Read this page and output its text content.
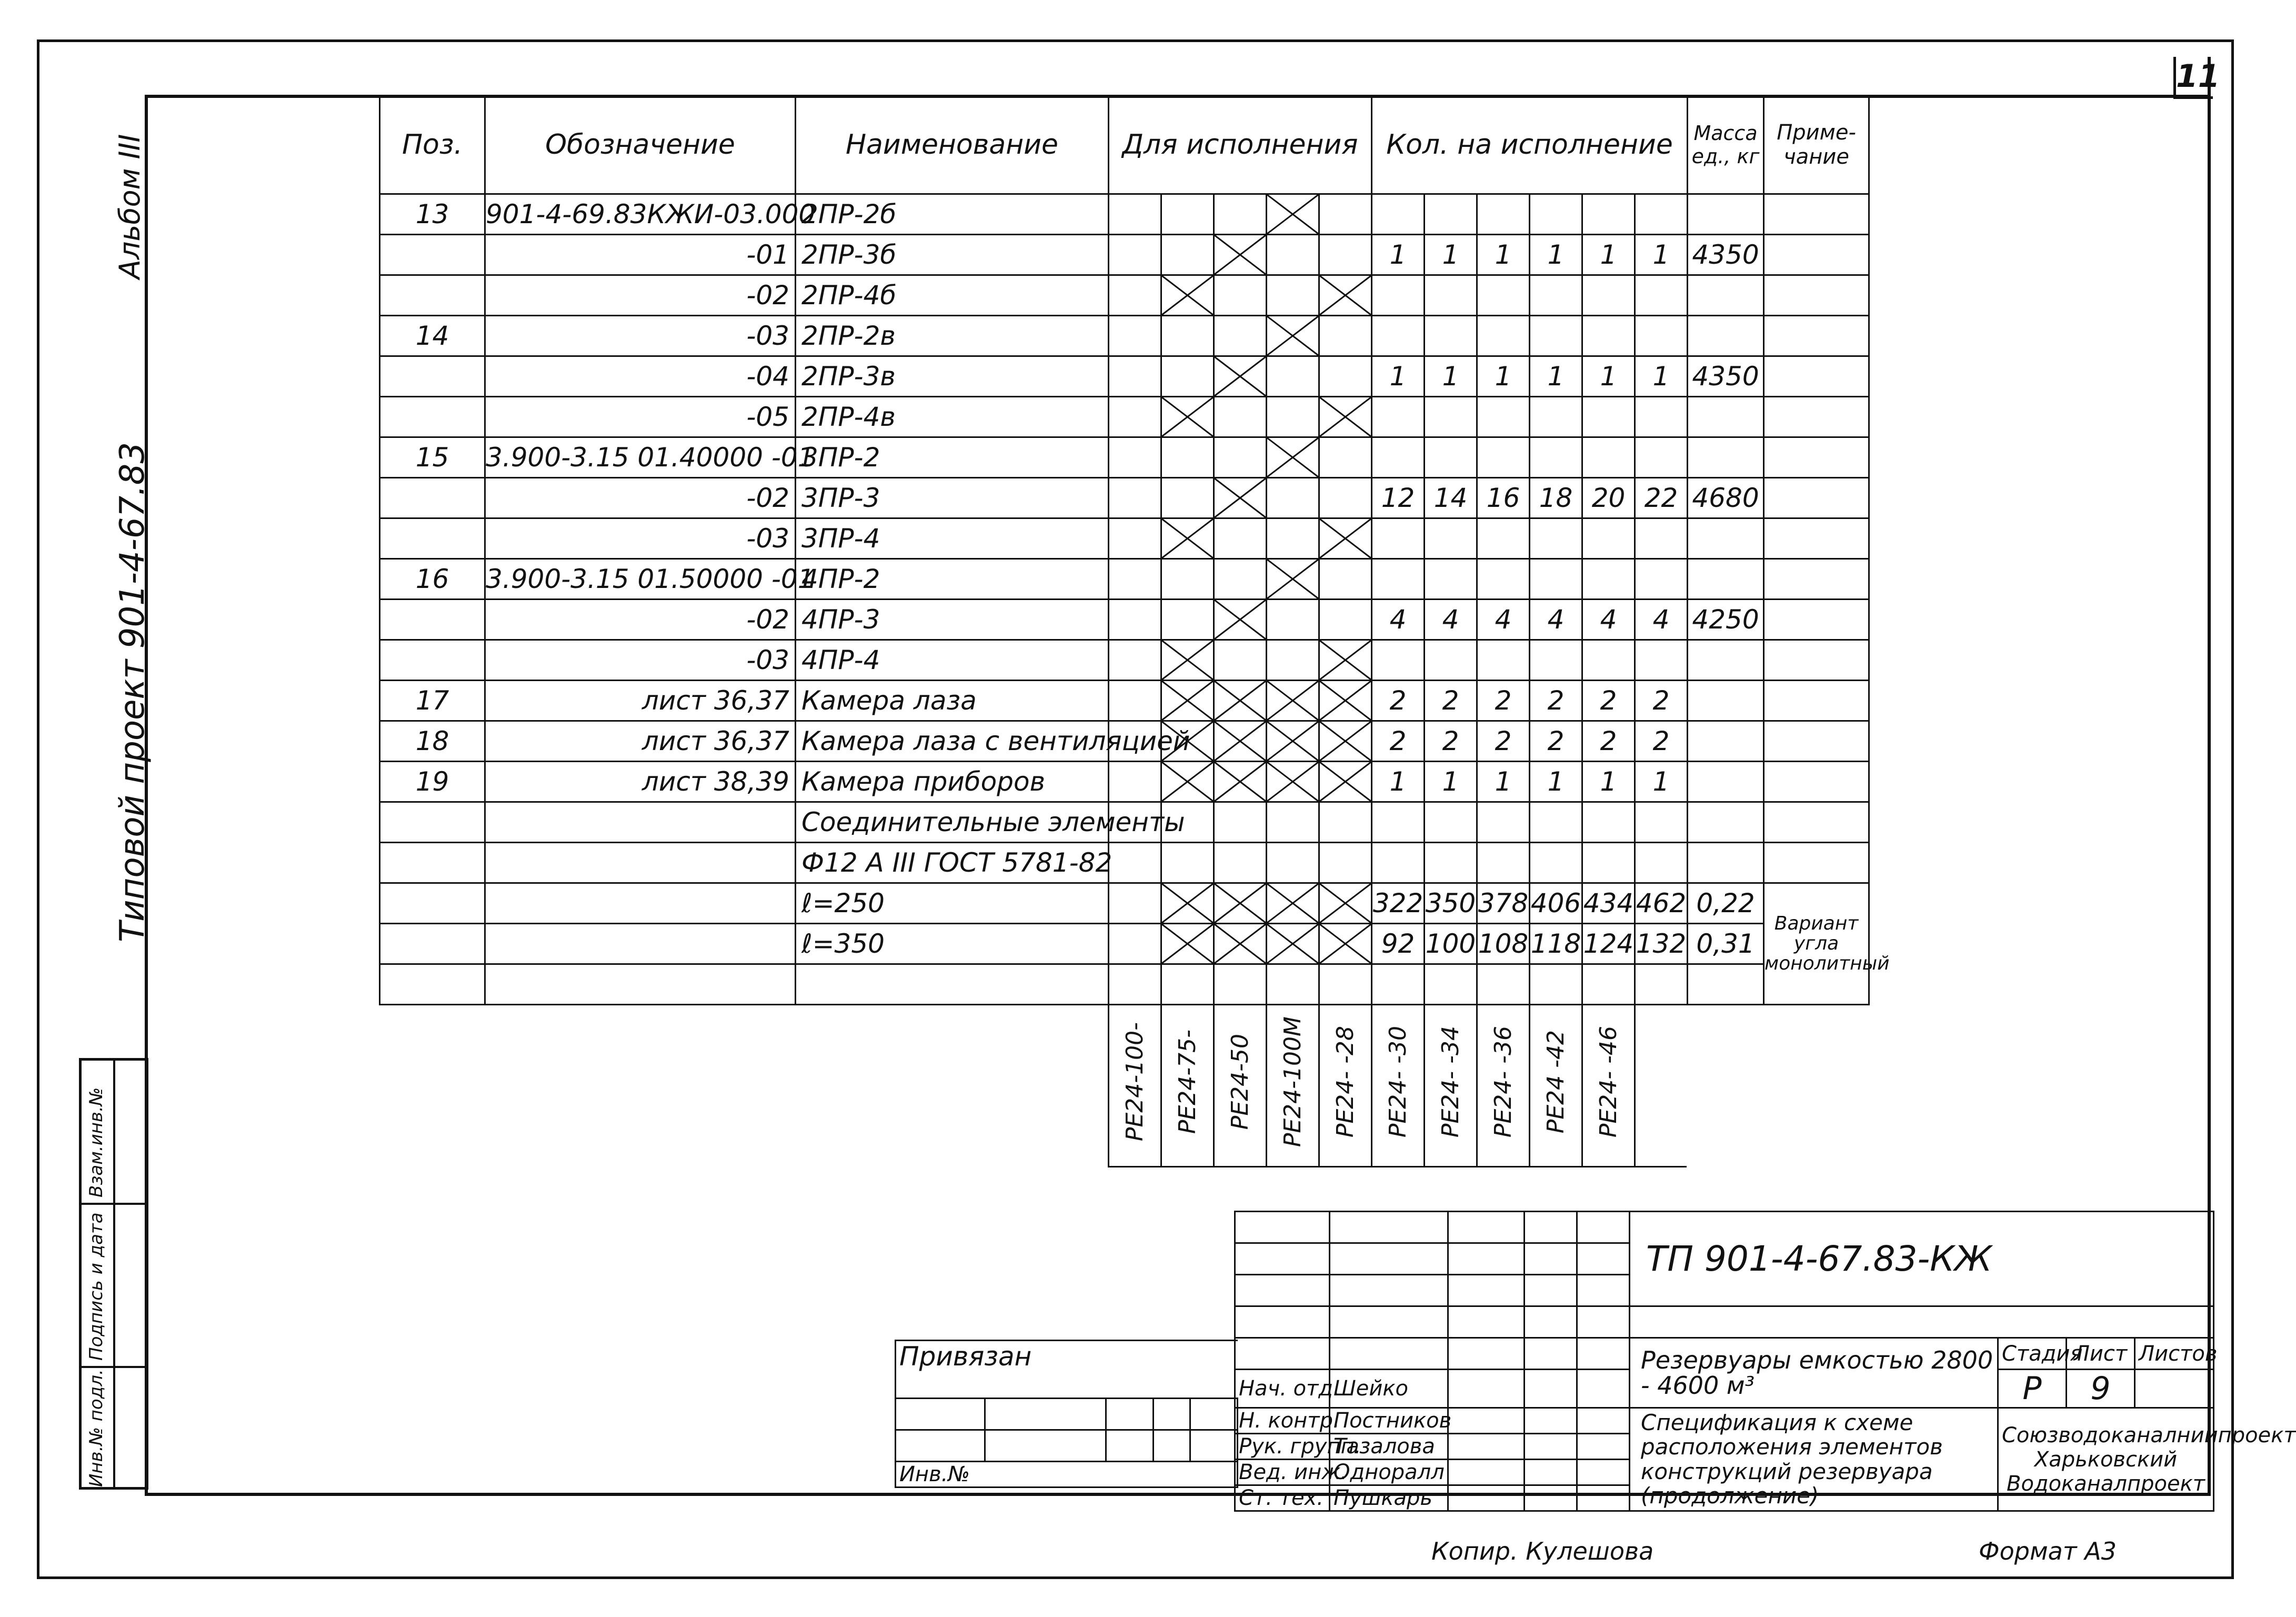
11
Альбом III
Типовой проект 901-4-67.83
Инв.№ подл.
Подпись и дата
Взам.инв.№
Поз.	Обозначение	Наименование	Для исполнения					Кол. на исполнение						Масса ед., кг	Приме-чание
13	901-4-69.83КЖИ-03.000	2ПР-2б				

	-01	2ПР-3б						1	1	1	1	1	1	4350	
	-02	2ПР-4б		

14	-03	2ПР-2в				

	-04	2ПР-3в						1	1	1	1	1	1	4350	
	-05	2ПР-4в		

15	3.900-3.15 01.40000 -01	3ПР-2				

	-02	3ПР-3						12	14	16	18	20	22	4680	
	-03	3ПР-4		

16	3.900-3.15 01.50000 -01	4ПР-2				

	-02	4ПР-3						4	4	4	4	4	4	4250	
	-03	4ПР-4		

17	лист 36,37	Камера лаза						2	2	2	2	2	2		
18	лист 36,37	Камера лаза с вентиляцией						2	2	2	2	2	2		
19	лист 38,39	Камера приборов						1	1	1	1	1	1		
		Соединительные элементы													
		Ф12 А III ГОСТ 5781-82													
		ℓ=250						322	350	378	406	434	462	0,22	Вариант угла монолитный
		ℓ=350						92	100	108	118	124	132	0,31	

РЕ24-100- РЕ24-75- РЕ24-50 РЕ24-100М РЕ24- -28 РЕ24- -30 РЕ24- -34 РЕ24- -36 РЕ24 -42 РЕ24- -46
					ТП 901-4-67.83-КЖ			

					Резервуары емкостью 2800 - 4600 м³	Стадия	Лист	Листов
Нач. отд.	Шейко					Р	9	
Н. контр.	Постников				Спецификация к схеме расположения элементов конструкций резервуара (продолжение)	Союзводоканалниипроект Харьковский Водоканалпроект		
Рук. групп.	Тазалова							
Вед. инж.	Одноралл							
Ст. тех.	Пушкарь							
Привязан				

Инв.№				
Копир. Кулешова	Формат А3
